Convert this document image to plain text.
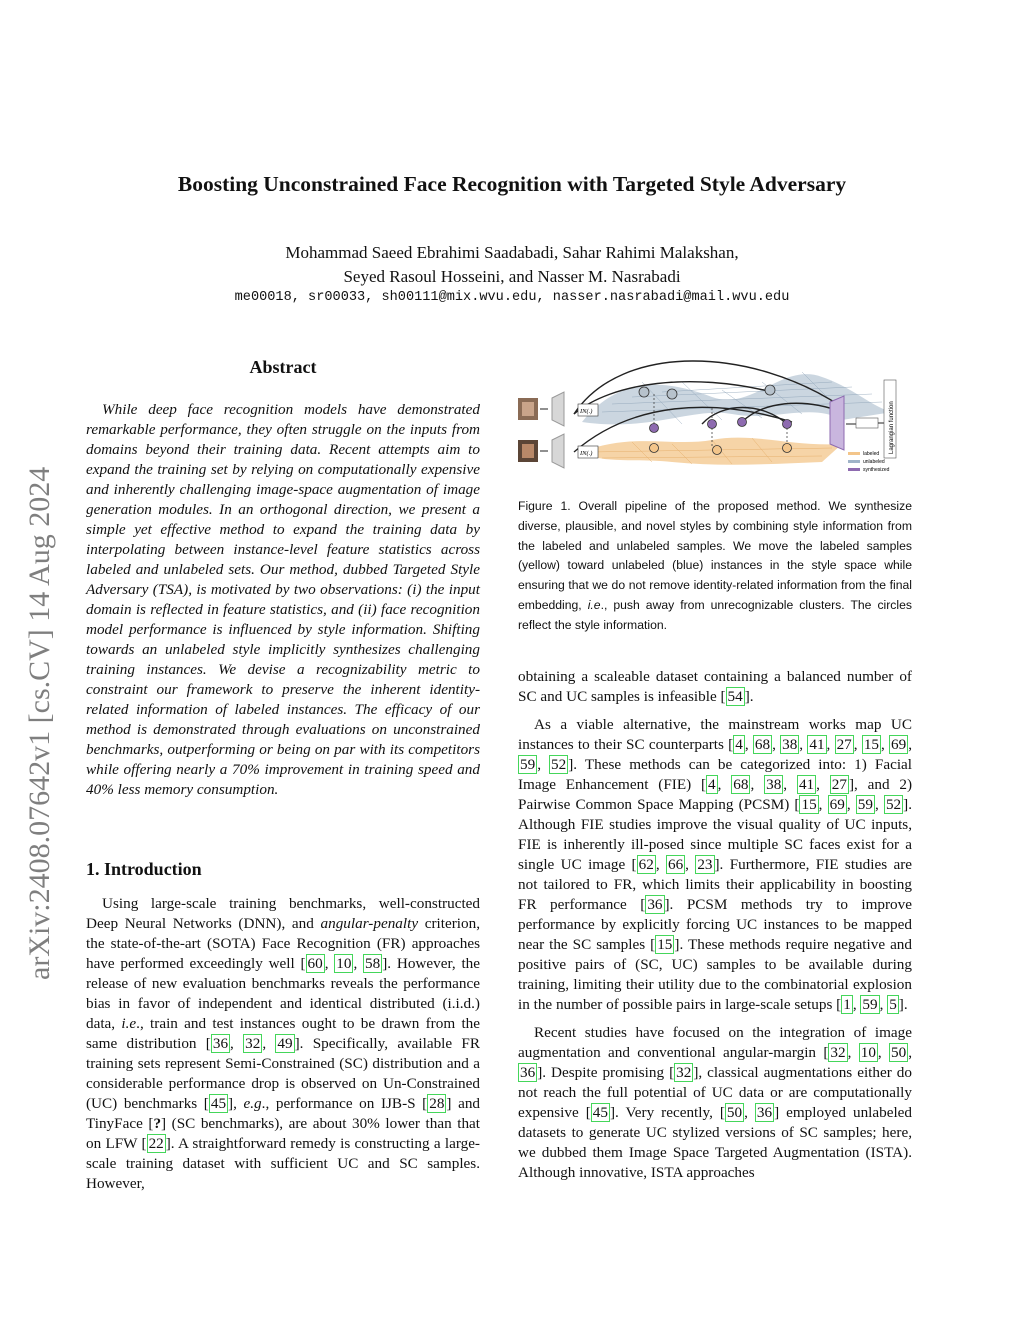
arXiv:2408.07642v1 [cs.CV] 14 Aug 2024
Boosting Unconstrained Face Recognition with Targeted Style Adversary
Mohammad Saeed Ebrahimi Saadabadi, Sahar Rahimi Malakshan,
Seyed Rasoul Hosseini, and Nasser M. Nasrabadi
me00018, sr00033, sh00111@mix.wvu.edu, nasser.nasrabadi@mail.wvu.edu
Abstract

While deep face recognition models have demonstrated remarkable performance, they often struggle on the inputs from domains beyond their training data. Recent attempts aim to expand the training set by relying on computationally expensive and inherently challenging image-space augmentation of image generation modules. In an orthogonal direction, we present a simple yet effective method to expand the training data by interpolating between instance-level feature statistics across labeled and unlabeled sets. Our method, dubbed Targeted Style Adversary (TSA), is motivated by two observations: (i) the input domain is reflected in feature statistics, and (ii) face recognition model performance is influenced by style information. Shifting towards an unlabeled style implicitly synthesizes challenging training instances. We devise a recognizability metric to constraint our framework to preserve the inherent identity-related information of labeled instances. The efficacy of our method is demonstrated through evaluations on unconstrained benchmarks, outperforming or being on par with its competitors while offering nearly a 70% improvement in training speed and 40% less memory consumption.

1. Introduction

Using large-scale training benchmarks, well-constructed Deep Neural Networks (DNN), and angular-penalty criterion, the state-of-the-art (SOTA) Face Recognition (FR) approaches have performed exceedingly well [ 60 , 10 , 58 ]. However, the release of new evaluation benchmarks reveals the performance bias in favor of independent and identical distributed (i.i.d.) data, i.e., train and test instances ought to be drawn from the same distribution [ 36 , 32 , 49 ]. Specifically, available FR training sets represent Semi-Constrained (SC) distribution and a considerable performance drop is observed on Un-Constrained (UC) benchmarks [ 45 ], e.g., performance on IJB-S [ 28 ] and TinyFace [?] (SC benchmarks), are about 30% lower than that on LFW [ 22 ]. A straightforward remedy is constructing a large-scale training dataset with sufficient UC and SC samples. However,

IN(.)
IN(.)	Lagrangian function
labeled
unlabeled
synthesized

Figure 1. Overall pipeline of the proposed method. We synthesize diverse, plausible, and novel styles by combining style information from the labeled and unlabeled samples. We move the labeled samples (yellow) toward unlabeled (blue) instances in the style space while ensuring that we do not remove identity-related information from the final embedding, i.e., push away from unrecognizable clusters. The circles reflect the style information.

obtaining a scaleable dataset containing a balanced number of SC and UC samples is infeasible [ 54 ].

As a viable alternative, the mainstream works map UC instances to their SC counterparts [ 4 , 68 , 38 , 41 , 27 , 15 , 69 , 59 , 52 ]. These methods can be categorized into: 1) Facial Image Enhancement (FIE) [ 4 , 68 , 38 , 41 , 27 ], and 2) Pairwise Common Space Mapping (PCSM) [ 15 , 69 , 59 , 52 ]. Although FIE studies improve the visual quality of UC inputs, FIE is inherently ill-posed since multiple SC faces exist for a single UC image [ 62 , 66 , 23 ]. Furthermore, FIE studies are not tailored to FR, which limits their applicability in boosting FR performance [ 36 ]. PCSM methods try to improve performance by explicitly forcing UC instances to be mapped near the SC samples [ 15 ]. These methods require negative and positive pairs of (SC, UC) samples to be available during training, limiting their utility due to the combinatorial explosion in the number of possible pairs in large-scale setups [ 1 , 59 , 5 ].

Recent studies have focused on the integration of image augmentation and conventional angular-margin [ 32 , 10 , 50 , 36 ]. Despite promising [ 32 ], classical augmentations either do not reach the full potential of UC data or are computationally expensive [ 45 ]. Very recently, [ 50 , 36 ] employed unlabeled datasets to generate UC stylized versions of SC samples; here, we dubbed them Image Space Targeted Augmentation (ISTA). Although innovative, ISTA approaches
